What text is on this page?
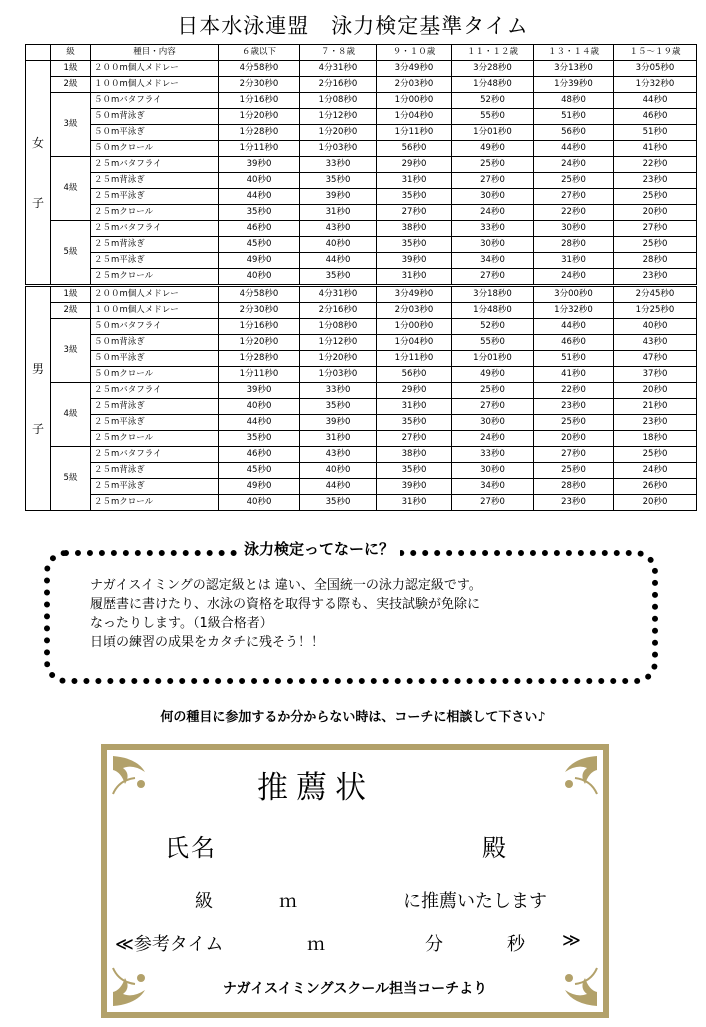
日本水泳連盟　泳力検定基準タイム
	級	種目・内容	６歳以下	７・８歳	９・１０歳	１１・１２歳	１３・１４歳	１５～１９歳

女
子	1級	２００m個人メドレー	4分58秒0	4分31秒0	3分49秒0	3分28秒0	3分13秒0	3分05秒0
	2級	１００m個人メドレー	2分30秒0	2分16秒0	2分03秒0	1分48秒0	1分39秒0	1分32秒0
	3級	５０mバタフライ	1分16秒0	1分08秒0	1分00秒0	52秒0	48秒0	44秒0
		５０m背泳ぎ	1分20秒0	1分12秒0	1分04秒0	55秒0	51秒0	46秒0
		５０m平泳ぎ	1分28秒0	1分20秒0	1分11秒0	1分01秒0	56秒0	51秒0
		５０mクロール	1分11秒0	1分03秒0	56秒0	49秒0	44秒0	41秒0
	4級	２５mバタフライ	39秒0	33秒0	29秒0	25秒0	24秒0	22秒0
		２５m背泳ぎ	40秒0	35秒0	31秒0	27秒0	25秒0	23秒0
		２５m平泳ぎ	44秒0	39秒0	35秒0	30秒0	27秒0	25秒0
		２５mクロール	35秒0	31秒0	27秒0	24秒0	22秒0	20秒0
	5級	２５mバタフライ	46秒0	43秒0	38秒0	33秒0	30秒0	27秒0
		２５m背泳ぎ	45秒0	40秒0	35秒0	30秒0	28秒0	25秒0
		２５m平泳ぎ	49秒0	44秒0	39秒0	34秒0	31秒0	28秒0
		２５mクロール	40秒0	35秒0	31秒0	27秒0	24秒0	23秒0

男
子	1級	２００m個人メドレー	4分58秒0	4分31秒0	3分49秒0	3分18秒0	3分00秒0	2分45秒0
	2級	１００m個人メドレー	2分30秒0	2分16秒0	2分03秒0	1分48秒0	1分32秒0	1分25秒0
	3級	５０mバタフライ	1分16秒0	1分08秒0	1分00秒0	52秒0	44秒0	40秒0
		５０m背泳ぎ	1分20秒0	1分12秒0	1分04秒0	55秒0	46秒0	43秒0
		５０m平泳ぎ	1分28秒0	1分20秒0	1分11秒0	1分01秒0	51秒0	47秒0
		５０mクロール	1分11秒0	1分03秒0	56秒0	49秒0	41秒0	37秒0
	4級	２５mバタフライ	39秒0	33秒0	29秒0	25秒0	22秒0	20秒0
		２５m背泳ぎ	40秒0	35秒0	31秒0	27秒0	23秒0	21秒0
		２５m平泳ぎ	44秒0	39秒0	35秒0	30秒0	25秒0	23秒0
		２５mクロール	35秒0	31秒0	27秒0	24秒0	20秒0	18秒0
	5級	２５mバタフライ	46秒0	43秒0	38秒0	33秒0	27秒0	25秒0
		２５m背泳ぎ	45秒0	40秒0	35秒0	30秒0	25秒0	24秒0
		２５m平泳ぎ	49秒0	44秒0	39秒0	34秒0	28秒0	26秒0
		２５mクロール	40秒0	35秒0	31秒0	27秒0	23秒0	20秒0
泳力検定ってなーに？
ナガイスイミングの認定級とは 違い、全国統一の泳力認定級です。
履歴書に書けたり、水泳の資格を取得する際も、実技試験が免除に
なったりします。（1級合格者）
日頃の練習の成果をカタチに残そう！！
何の種目に参加するか分からない時は、コーチに相談して下さい♪
推薦状
氏名	殿
級	ｍ	に推薦いたします
≪参考タイム	ｍ	分	秒 ≫
ナガイスイミングスクール担当コーチより
